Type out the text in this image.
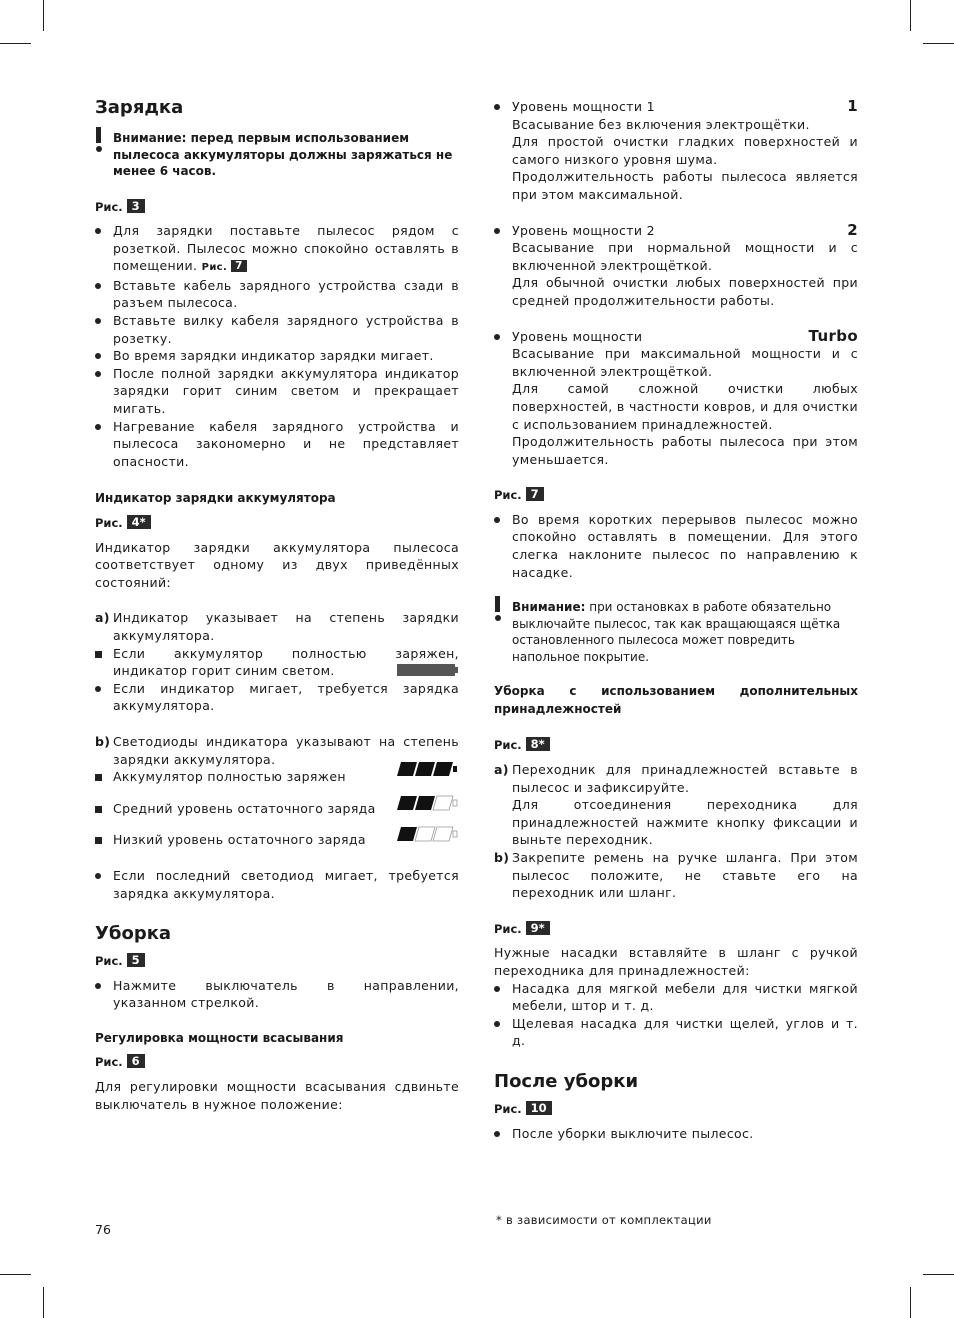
Зарядка
Внимание: перед первым использованием пылесоса аккумуляторы должны заряжаться не менее 6 часов.
Рис. 3
Для зарядки поставьте пылесос рядом с розеткой. Пылесос можно спокойно оставлять в помещении. Рис. 7
Вставьте кабель зарядного устройства сзади в разъем пылесоса.
Вставьте вилку кабеля зарядного устройства в розетку.
Во время зарядки индикатор зарядки мигает.
После полной зарядки аккумулятора индикатор зарядки горит синим светом и прекращает мигать.
Нагревание кабеля зарядного устройства и пылесоса закономерно и не представляет опасности.
Индикатор зарядки аккумулятора
Рис. 4*

Индикатор зарядки аккумулятора пылесоса соответствует одному из двух приведённых состояний:

a) Индикатор указывает на степень зарядки аккумулятора.
Если аккумулятор полностью заряжен, индикатор горит синим светом.
Если индикатор мигает, требуется зарядка аккумулятора.
b) Светодиоды индикатора указывают на степень зарядки аккумулятора.
Аккумулятор полностью заряжен
Средний уровень остаточного заряда
Низкий уровень остаточного заряда
Если последний светодиод мигает, требуется зарядка аккумулятора.
Уборка
Рис. 5
Нажмите выключатель в направлении, указанном стрелкой.
Регулировка мощности всасывания
Рис. 6

Для регулировки мощности всасывания сдвиньте выключатель в нужное положение:

Уровень мощности 1	1

Всасывание без включения электрощётки.

Для простой очистки гладких поверхностей и самого низкого уровня шума.

Продолжительность работы пылесоса является при этом максимальной.

Уровень мощности 2	2

Всасывание при нормальной мощности и с включенной электрощёткой.

Для обычной очистки любых поверхностей при средней продолжительности работы.

Уровень мощности	Turbo

Всасывание при максимальной мощности и с включенной электрощёткой.

Для самой сложной очистки любых поверхностей, в частности ковров, и для очистки с использованием принадлежностей.

Продолжительность работы пылесоса при этом уменьшается.

Рис. 7
Во время коротких перерывов пылесос можно спокойно оставлять в помещении. Для этого слегка наклоните пылесос по направлению к насадке.
Внимание: при остановках в работе обязательно выключайте пылесос, так как вращающаяся щётка остановленного пылесоса может повредить напольное покрытие.
Уборка с использованием дополнительных принадлежностей
Рис. 8*
a) Переходник для принадлежностей вставьте в пылесос и зафиксируйте.

Для отсоединения переходника для принадлежностей нажмите кнопку фиксации и выньте переходник.

b) Закрепите ремень на ручке шланга. При этом пылесос положите, не ставьте его на переходник или шланг.
Рис. 9*

Нужные насадки вставляйте в шланг с ручкой переходника для принадлежностей:

Насадка для мягкой мебели для чистки мягкой мебели, штор и т. д.
Щелевая насадка для чистки щелей, углов и т. д.
После уборки
Рис. 10
После уборки выключите пылесос.
76
* в зависимости от комплектации
